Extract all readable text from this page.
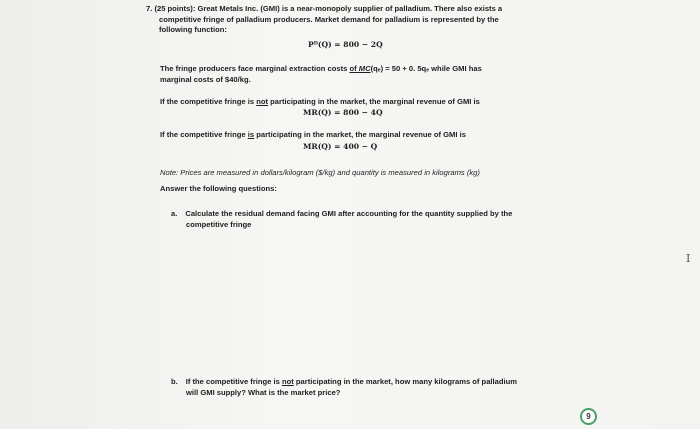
7. (25 points): Great Metals Inc. (GMI) is a near-monopoly supplier of palladium. There also exists a
competitive fringe of palladium producers. Market demand for palladium is represented by the
following function:
Pᴰ(Q) = 800 − 2Q
The fringe producers face marginal extraction costs of MC(qₑ) = 50 + 0. 5qₑ while GMI has
marginal costs of $40/kg.
If the competitive fringe is not participating in the market, the marginal revenue of GMI is
MR(Q) = 800 − 4Q
If the competitive fringe is participating in the market, the marginal revenue of GMI is
MR(Q) = 400 − Q
Note: Prices are measured in dollars/kilogram ($/kg) and quantity is measured in kilograms (kg)
Answer the following questions:
a. Calculate the residual demand facing GMI after accounting for the quantity supplied by the
competitive fringe
b. If the competitive fringe is not participating in the market, how many kilograms of palladium
will GMI supply? What is the market price?
I
9
